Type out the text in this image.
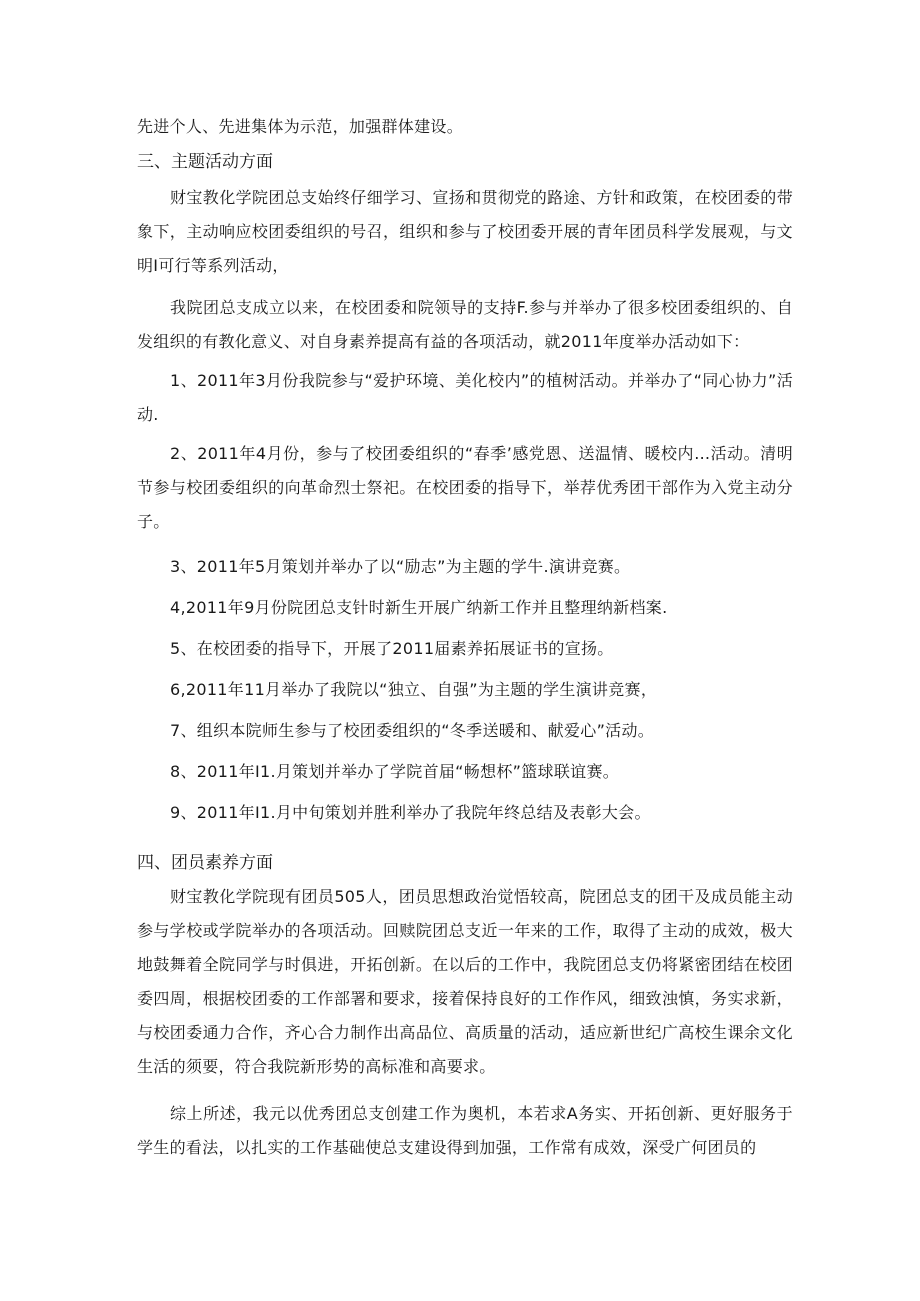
先进个人、先进集体为示范，加强群体建设。
三、主题活动方面
财宝教化学院团总支始终仔细学习、宣扬和贯彻党的路途、方针和政策，在校团委的带象下，主动响应校团委组织的号召，组织和参与了校团委开展的青年团员科学发展观，与文明I可行等系列活动，
我院团总支成立以来，在校团委和院领导的支持F.参与并举办了很多校团委组织的、自发组织的有教化意义、对自身素养提高有益的各项活动，就2011年度举办活动如下：
1、2011年3月份我院参与“爱护环境、美化校内”的植树活动。并举办了“同心协力”活动.
2、2011年4月份，参与了校团委组织的“春季’感党恩、送温情、暖校内…活动。清明节参与校团委组织的向革命烈士祭祀。在校团委的指导下，举荐优秀团干部作为入党主动分子。
3、2011年5月策划并举办了以“励志”为主题的学牛.演讲竞赛。
4,2011年9月份院团总支针时新生开展广纳新工作并且整理纳新档案.
5、在校团委的指导下，开展了2011届素养拓展证书的宣扬。
6,2011年11月举办了我院以“独立、自强”为主题的学生演讲竞赛，
7、组织本院师生参与了校团委组织的“冬季送暖和、献爱心”活动。
8、2011年I1.月策划并举办了学院首届“畅想杯”篮球联谊赛。
9、2011年I1.月中旬策划并胜利举办了我院年终总结及表彰大会。
四、团员素养方面
财宝教化学院现有团员505人，团员思想政治觉悟较高，院团总支的团干及成员能主动参与学校或学院举办的各项活动。回赎院团总支近一年来的工作，取得了主动的成效，极大地鼓舞着全院同学与时俱进，开拓创新。在以后的工作中，我院团总支仍将紧密团结在校团委四周，根据校团委的工作部署和要求，接着保持良好的工作作风，细致浊慎，务实求新，与校团委通力合作，齐心合力制作出高品位、高质量的活动，适应新世纪广高校生课余文化生活的须要，符合我院新形势的高标准和高要求。
综上所述，我元以优秀团总支创建工作为奥机，本若求A务实、开拓创新、更好服务于学生的看法，以扎实的工作基础使总支建设得到加强，工作常有成效，深受广何团员的
